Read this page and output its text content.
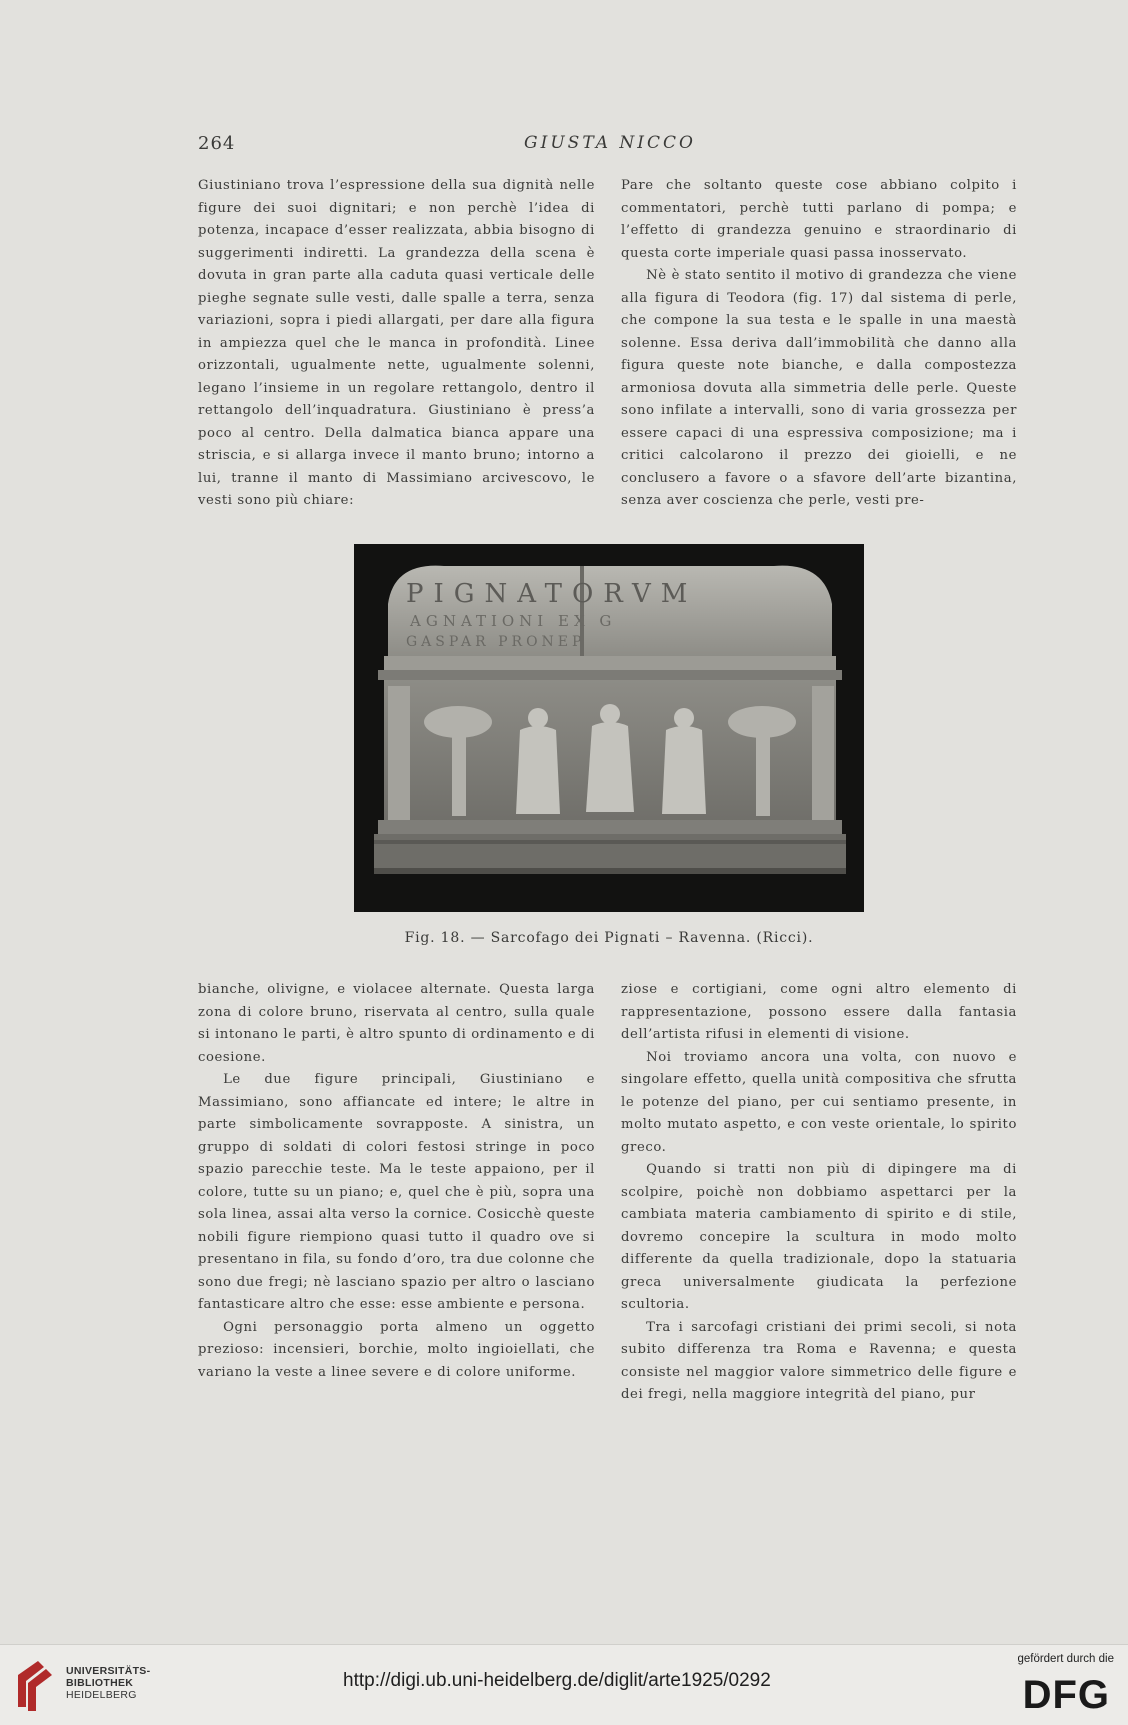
264	GIUSTA NICCO

Giustiniano trova l’espressione della sua dignità nelle figure dei suoi dignitari; e non perchè l’idea di potenza, incapace d’esser realizzata, abbia bisogno di suggerimenti indiretti. La grandezza della scena è dovuta in gran parte alla caduta quasi verticale delle pieghe segnate sulle vesti, dalle spalle a terra, senza variazioni, sopra i piedi allargati, per dare alla figura in ampiezza quel che le manca in profondità. Linee orizzontali, ugualmente nette, ugualmente solenni, legano l’insieme in un regolare rettangolo, dentro il rettangolo dell’inquadratura. Giustiniano è press’a poco al centro. Della dalmatica bianca appare una striscia, e si allarga invece il manto bruno; intorno a lui, tranne il manto di Massimiano arcivescovo, le vesti sono più chiare:

Pare che soltanto queste cose abbiano colpito i commentatori, perchè tutti parlano di pompa; e l’effetto di grandezza genuino e straordinario di questa corte imperiale quasi passa inosservato.

Nè è stato sentito il motivo di grandezza che viene alla figura di Teodora (fig. 17) dal sistema di perle, che compone la sua testa e le spalle in una maestà solenne. Essa deriva dall’immobilità che danno alla figura queste note bianche, e dalla compostezza armoniosa dovuta alla simmetria delle perle. Queste sono infilate a intervalli, sono di varia grossezza per essere capaci di una espressiva composizione; ma i critici calcolarono il prezzo dei gioielli, e ne conclusero a favore o a sfavore dell’arte bizantina, senza aver coscienza che perle, vesti pre-

PIGNATORVM
AGNATIONI EX G
GASPAR PRONEP
Fig. 18. — Sarcofago dei Pignati – Ravenna. (Ricci).

bianche, olivigne, e violacee alternate. Questa larga zona di colore bruno, riservata al centro, sulla quale si intonano le parti, è altro spunto di ordinamento e di coesione.

Le due figure principali, Giustiniano e Massimiano, sono affiancate ed intere; le altre in parte simbolicamente sovrapposte. A sinistra, un gruppo di soldati di colori festosi stringe in poco spazio parecchie teste. Ma le teste appaiono, per il colore, tutte su un piano; e, quel che è più, sopra una sola linea, assai alta verso la cornice. Cosicchè queste nobili figure riempiono quasi tutto il quadro ove si presentano in fila, su fondo d’oro, tra due colonne che sono due fregi; nè lasciano spazio per altro o lasciano fantasticare altro che esse: esse ambiente e persona.

Ogni personaggio porta almeno un oggetto prezioso: incensieri, borchie, molto ingioiellati, che variano la veste a linee severe e di colore uniforme.

ziose e cortigiani, come ogni altro elemento di rappresentazione, possono essere dalla fantasia dell’artista rifusi in elementi di visione.

Noi troviamo ancora una volta, con nuovo e singolare effetto, quella unità compositiva che sfrutta le potenze del piano, per cui sentiamo presente, in molto mutato aspetto, e con veste orientale, lo spirito greco.

Quando si tratti non più di dipingere ma di scolpire, poichè non dobbiamo aspettarci per la cambiata materia cambiamento di spirito e di stile, dovremo concepire la scultura in modo molto differente da quella tradizionale, dopo la statuaria greca universalmente giudicata la perfezione scultoria.

Tra i sarcofagi cristiani dei primi secoli, si nota subito differenza tra Roma e Ravenna; e questa consiste nel maggior valore simmetrico delle figure e dei fregi, nella maggiore integrità del piano, pur

UNIVERSITÄTS-
BIBLIOTHEK
HEIDELBERG
http://digi.ub.uni-heidelberg.de/diglit/arte1925/0292
gefördert durch die
DFG
